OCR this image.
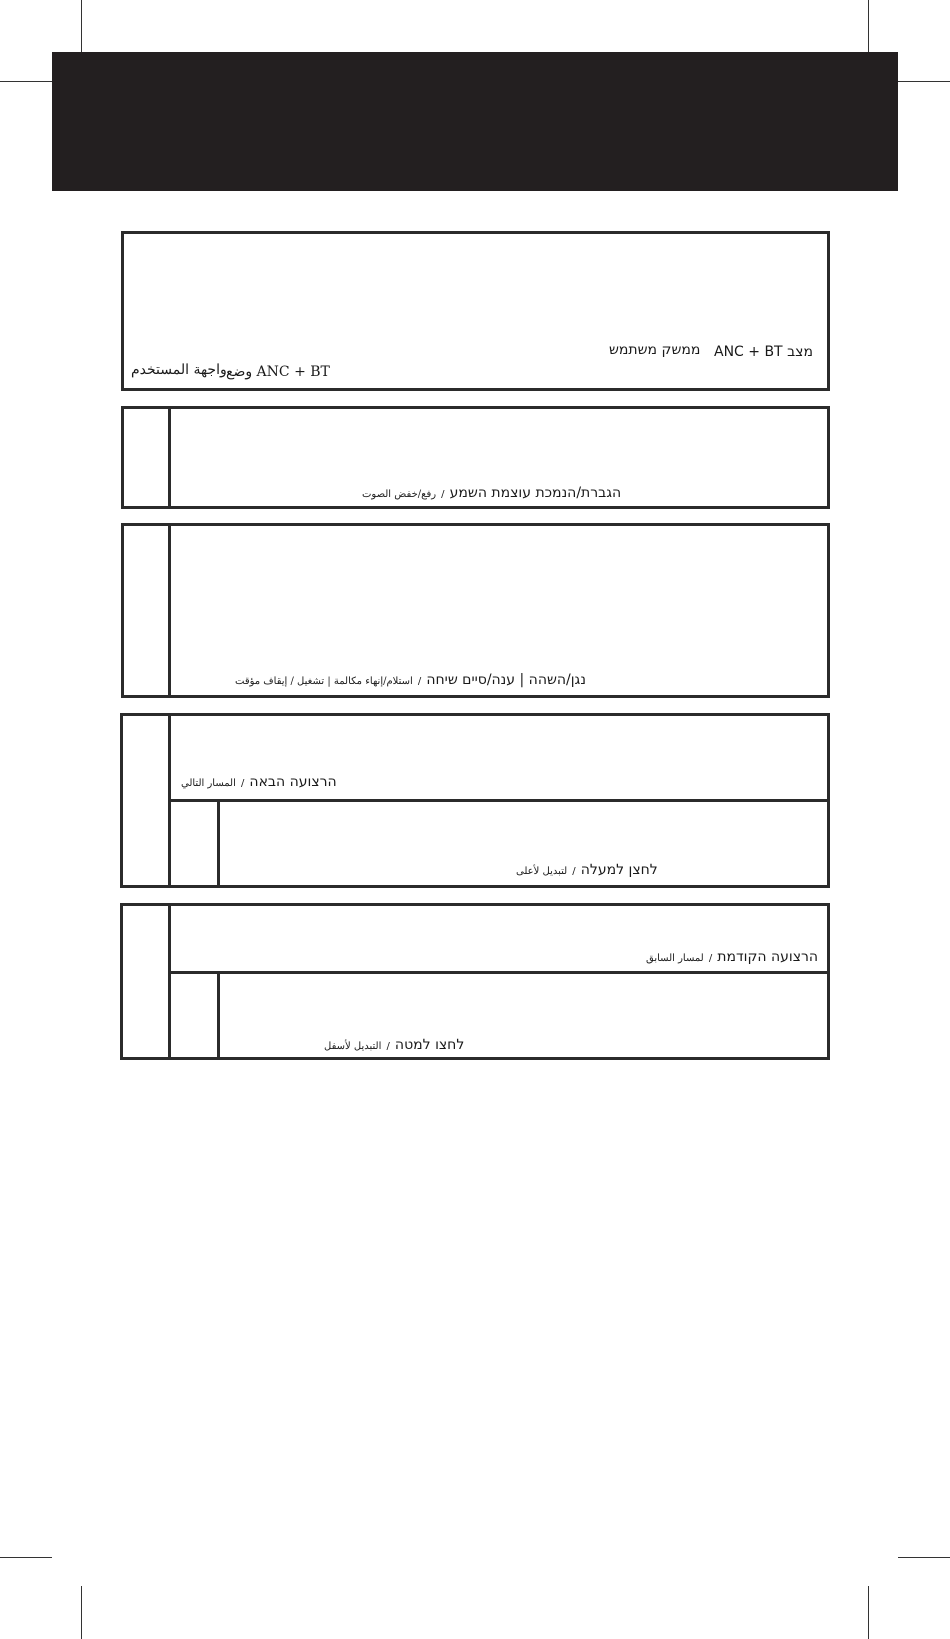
ANC + BT מצב
ממשק משתמש
واجهة المستخدم وضع ANC + BT
הגברת/הנמכת עוצמת השמע / رفع/خفض الصوت
נגן/השהה | ענה/סיים שיחה / استلام/إنهاء مكالمة | تشغيل / إيقاف مؤقت
הרצועה הבאה / المسار التالي
לחצן למעלה / لتبديل لأعلى
הרצועה הקודמת / لمسار السابق
לחצו למטה / التبديل لأسفل
